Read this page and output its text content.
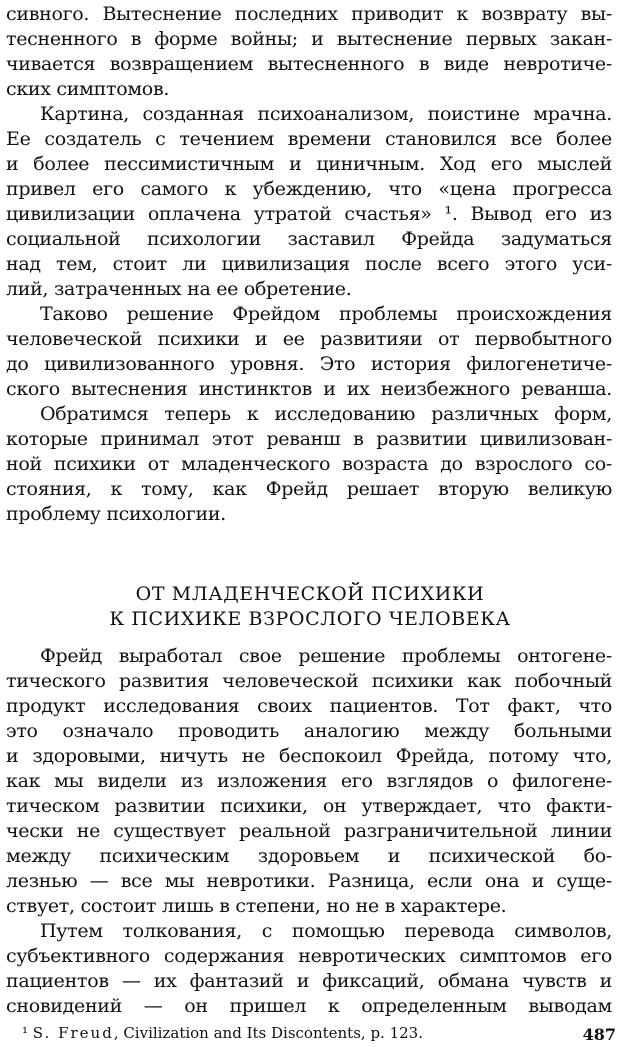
сивного. Вытеснение последних приводит к возврату вы-
тесненного в форме войны; и вытеснение первых закан-
чивается возвращением вытесненного в виде невротиче-
ских симптомов.
Картина, созданная психоанализом, поистине мрачна.
Ее создатель с течением времени становился все более
и более пессимистичным и циничным. Ход его мыслей
привел его самого к убеждению, что «цена прогресса
цивилизации оплачена утратой счастья» ¹. Вывод его из
социальной психологии заставил Фрейда задуматься
над тем, стоит ли цивилизация после всего этого уси-
лий, затраченных на ее обретение.
Таково решение Фрейдом проблемы происхождения
человеческой психики и ее развитияи от первобытного
до цивилизованного уровня. Это история филогенетиче-
ского вытеснения инстинктов и их неизбежного реванша.
Обратимся теперь к исследованию различных форм,
которые принимал этот реванш в развитии цивилизован-
ной психики от младенческого возраста до взрослого со-
стояния, к тому, как Фрейд решает вторую великую
проблему психологии.
ОТ МЛАДЕНЧЕСКОЙ ПСИХИКИ
К ПСИХИКЕ ВЗРОСЛОГО ЧЕЛОВЕКА
Фрейд выработал свое решение проблемы онтогене-
тического развития человеческой психики как побочный
продукт исследования своих пациентов. Тот факт, что
это означало проводить аналогию между больными
и здоровыми, ничуть не беспокоил Фрейда, потому что,
как мы видели из изложения его взглядов о филогене-
тическом развитии психики, он утверждает, что факти-
чески не существует реальной разграничительной линии
между психическим здоровьем и психической бо-
лезнью — все мы невротики. Разница, если она и суще-
ствует, состоит лишь в степени, но не в характере.
Путем толкования, с помощью перевода символов,
субъективного содержания невротических симптомов его
пациентов — их фантазий и фиксаций, обмана чувств и
сновидений — он пришел к определенным выводам
¹ S. Freud, Civilization and Its Discontents, p. 123.	487
